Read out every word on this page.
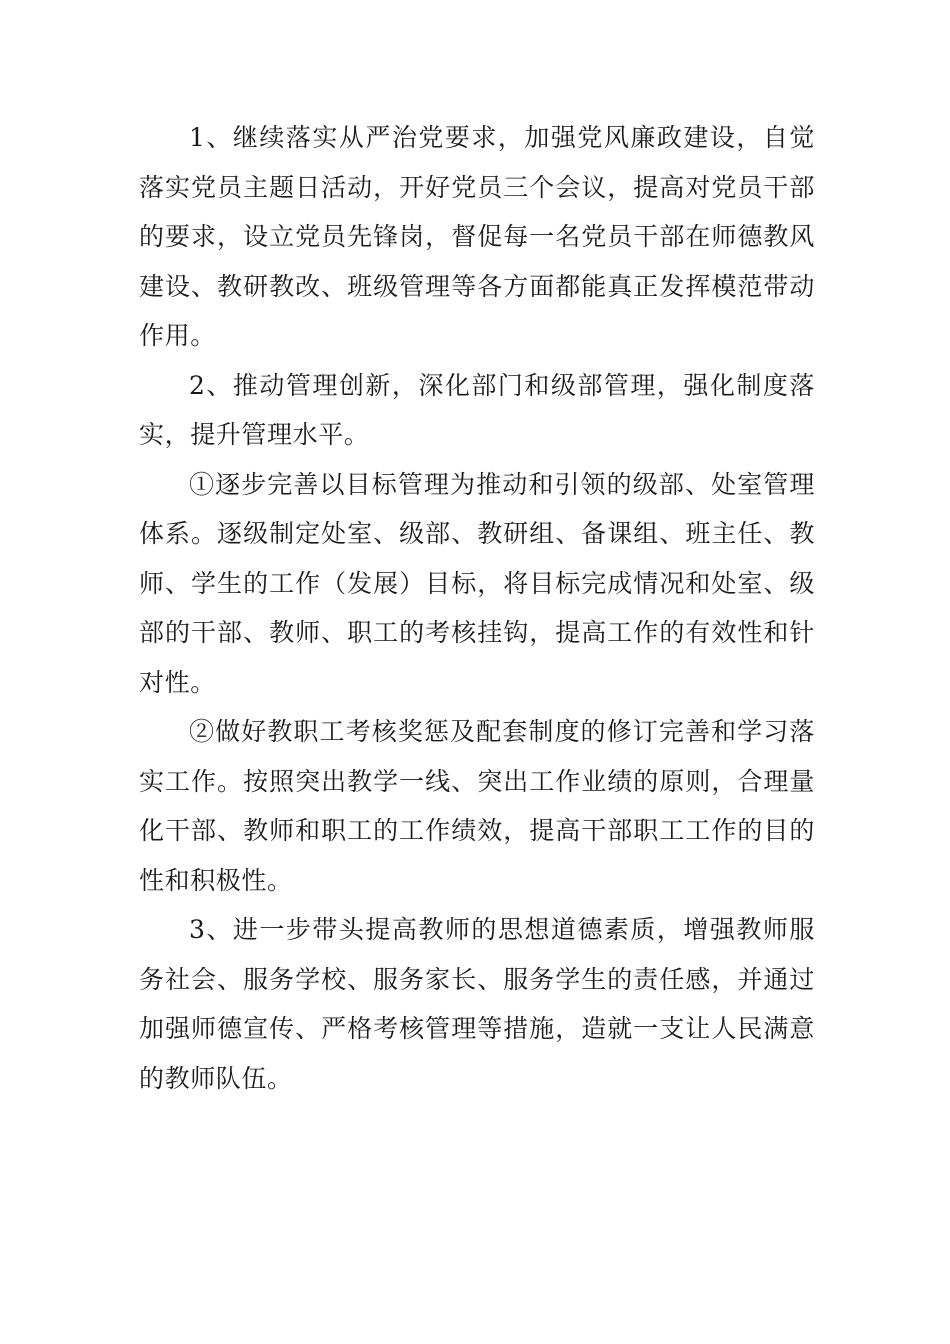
1、继续落实从严治党要求，加强党风廉政建设，自觉落实党员主题日活动，开好党员三个会议，提高对党员干部的要求，设立党员先锋岗，督促每一名党员干部在师德教风建设、教研教改、班级管理等各方面都能真正发挥模范带动作用。

2、推动管理创新，深化部门和级部管理，强化制度落实，提升管理水平。

①逐步完善以目标管理为推动和引领的级部、处室管理体系。逐级制定处室、级部、教研组、备课组、班主任、教师、学生的工作（发展）目标，将目标完成情况和处室、级部的干部、教师、职工的考核挂钩，提高工作的有效性和针对性。

②做好教职工考核奖惩及配套制度的修订完善和学习落实工作。按照突出教学一线、突出工作业绩的原则，合理量化干部、教师和职工的工作绩效，提高干部职工工作的目的性和积极性。

3、进一步带头提高教师的思想道德素质，增强教师服务社会、服务学校、服务家长、服务学生的责任感，并通过加强师德宣传、严格考核管理等措施，造就一支让人民满意的教师队伍。
